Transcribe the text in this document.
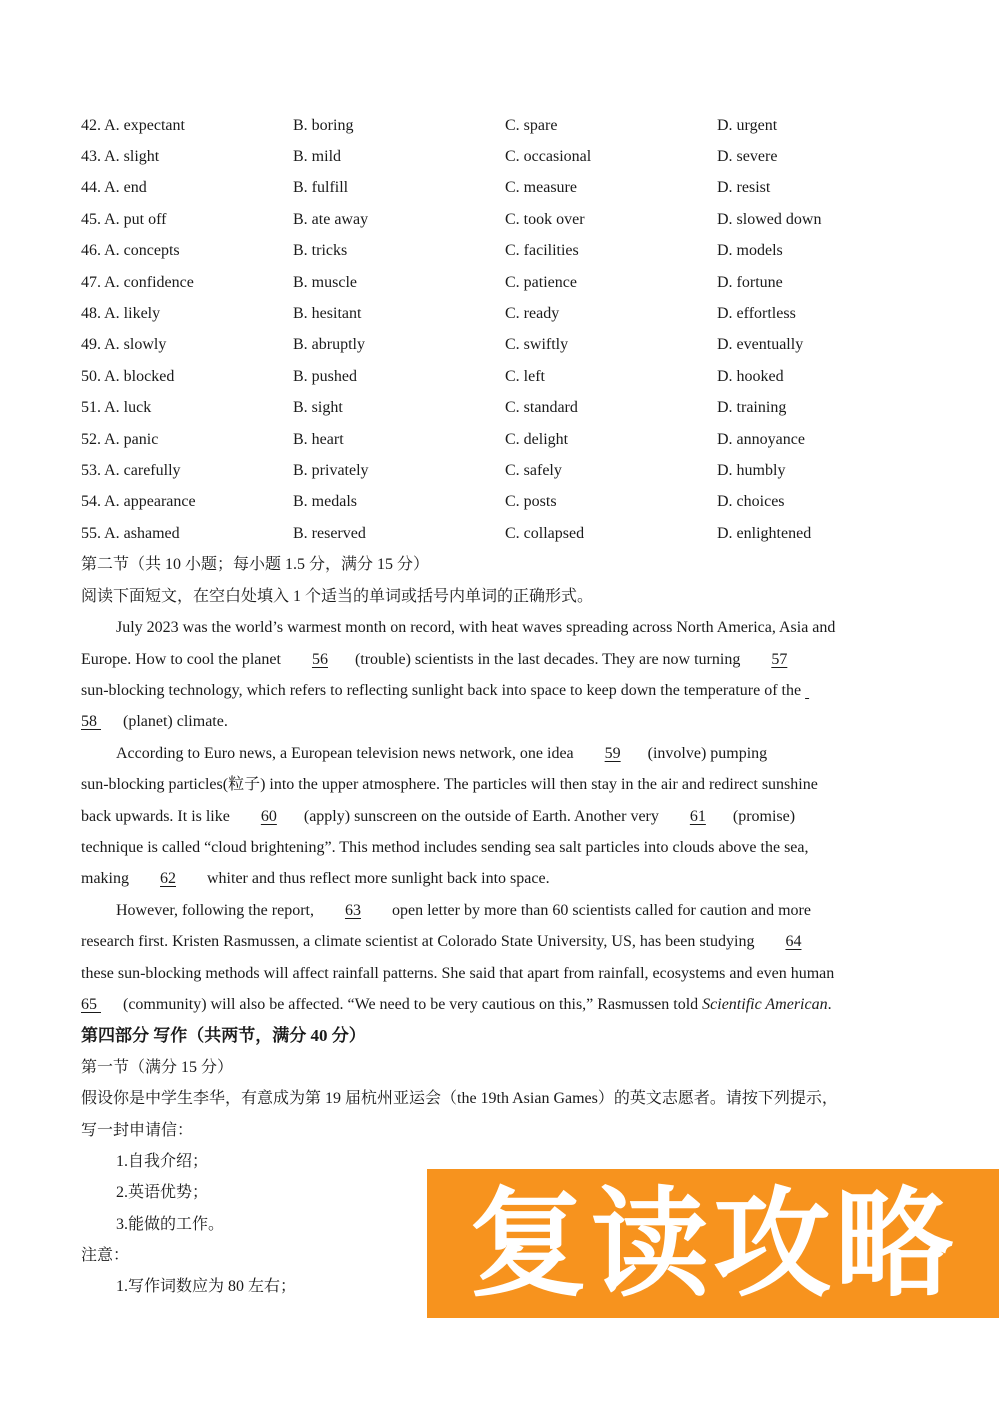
42. A. expectant	B. boring	C. spare	D. urgent
43. A. slight	B. mild	C. occasional	D. severe
44. A. end	B. fulfill	C. measure	D. resist
45. A. put off	B. ate away	C. took over	D. slowed down
46. A. concepts	B. tricks	C. facilities	D. models
47. A. confidence	B. muscle	C. patience	D. fortune
48. A. likely	B. hesitant	C. ready	D. effortless
49. A. slowly	B. abruptly	C. swiftly	D. eventually
50. A. blocked	B. pushed	C. left	D. hooked
51. A. luck	B. sight	C. standard	D. training
52. A. panic	B. heart	C. delight	D. annoyance
53. A. carefully	B. privately	C. safely	D. humbly
54. A. appearance	B. medals	C. posts	D. choices
55. A. ashamed	B. reserved	C. collapsed	D. enlightened
第二节（共 10 小题；每小题 1.5 分，满分 15 分）
阅读下面短文，在空白处填入 1 个适当的单词或括号内单词的正确形式。
July 2023 was the world’s warmest month on record, with heat waves spreading across North America, Asia and
Europe. How to cool the planet 56 (trouble) scientists in the last decades. They are now turning 57
sun-blocking technology, which refers to reflecting sunlight back into space to keep down the temperature of the
58 (planet) climate.
According to Euro news, a European television news network, one idea 59 (involve) pumping
sun-blocking particles(粒子) into the upper atmosphere. The particles will then stay in the air and redirect sunshine
back upwards. It is like 60 (apply) sunscreen on the outside of Earth. Another very 61 (promise)
technique is called “cloud brightening”. This method includes sending sea salt particles into clouds above the sea,
making 62 whiter and thus reflect more sunlight back into space.
However, following the report, 63 open letter by more than 60 scientists called for caution and more
research first. Kristen Rasmussen, a climate scientist at Colorado State University, US, has been studying 64
these sun-blocking methods will affect rainfall patterns. She said that apart from rainfall, ecosystems and even human
65 (community) will also be affected. “We need to be very cautious on this,” Rasmussen told Scientific American.
第四部分 写作（共两节，满分 40 分）
第一节（满分 15 分）
假设你是中学生李华，有意成为第 19 届杭州亚运会（the 19th Asian Games）的英文志愿者。请按下列提示，
写一封申请信：
1.自我介绍；
2.英语优势；
3.能做的工作。
注意：
1.写作词数应为 80 左右；	复读攻略
